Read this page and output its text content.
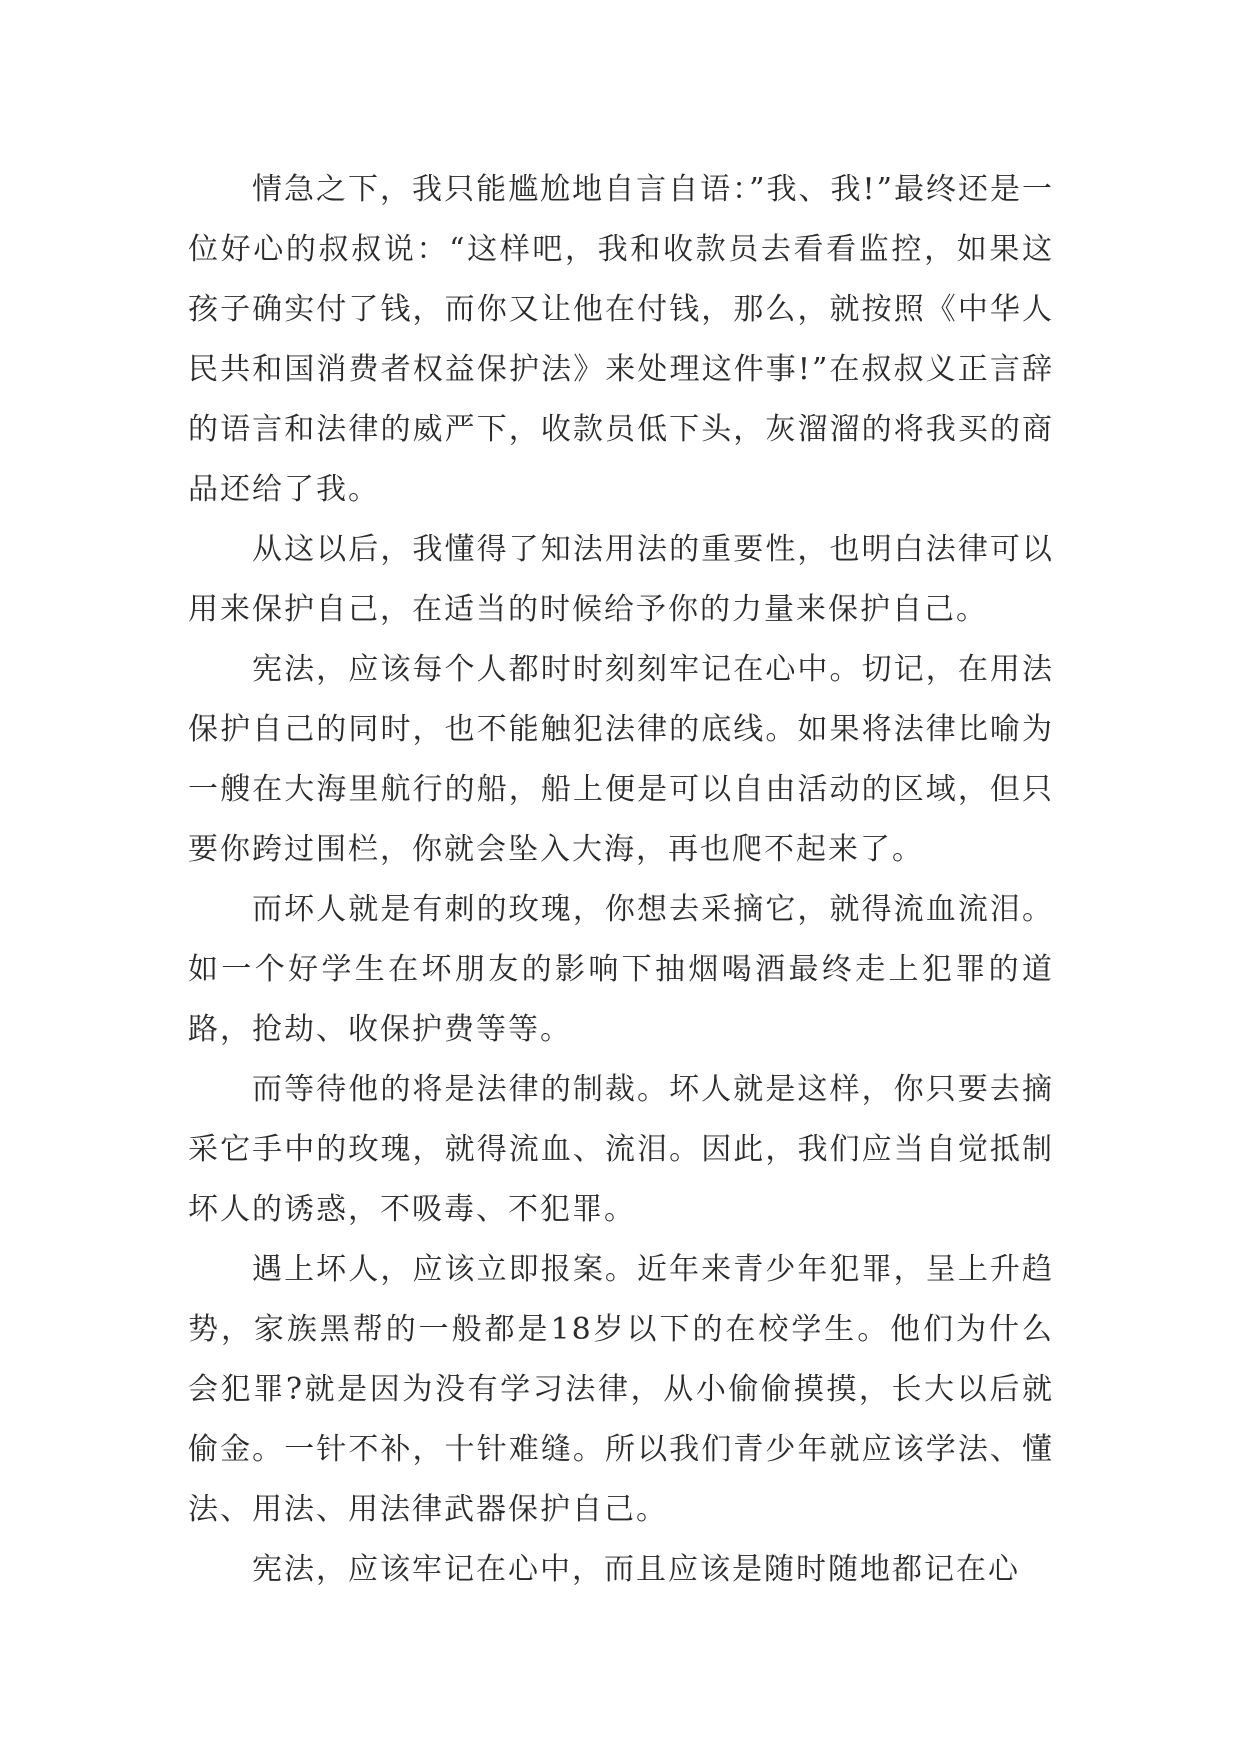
情急之下，我只能尴尬地自言自语：”我、我!”最终还是一位好心的叔叔说：“这样吧，我和收款员去看看监控，如果这孩子确实付了钱，而你又让他在付钱，那么，就按照《中华人民共和国消费者权益保护法》来处理这件事!”在叔叔义正言辞的语言和法律的威严下，收款员低下头，灰溜溜的将我买的商品还给了我。

从这以后，我懂得了知法用法的重要性，也明白法律可以用来保护自己，在适当的时候给予你的力量来保护自己。

宪法，应该每个人都时时刻刻牢记在心中。切记，在用法保护自己的同时，也不能触犯法律的底线。如果将法律比喻为一艘在大海里航行的船，船上便是可以自由活动的区域，但只要你跨过围栏，你就会坠入大海，再也爬不起来了。

而坏人就是有刺的玫瑰，你想去采摘它，就得流血流泪。如一个好学生在坏朋友的影响下抽烟喝酒最终走上犯罪的道路，抢劫、收保护费等等。

而等待他的将是法律的制裁。坏人就是这样，你只要去摘采它手中的玫瑰，就得流血、流泪。因此，我们应当自觉抵制坏人的诱惑，不吸毒、不犯罪。

遇上坏人，应该立即报案。近年来青少年犯罪，呈上升趋势，家族黑帮的一般都是18岁以下的在校学生。他们为什么会犯罪?就是因为没有学习法律，从小偷偷摸摸，长大以后就偷金。一针不补，十针难缝。所以我们青少年就应该学法、懂法、用法、用法律武器保护自己。

宪法，应该牢记在心中，而且应该是随时随地都记在心
